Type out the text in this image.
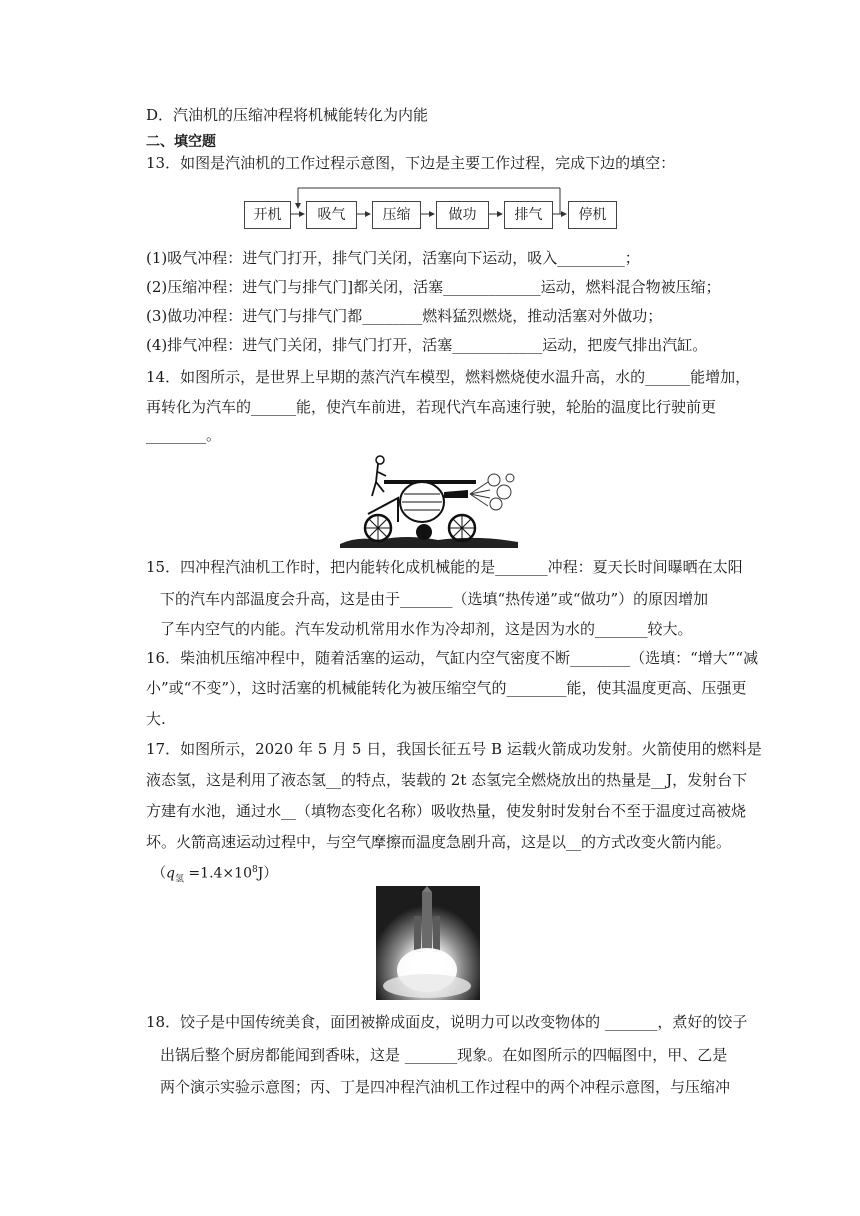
D．汽油机的压缩冲程将机械能转化为内能
二、填空题
13．如图是汽油机的工作过程示意图，下边是主要工作过程，完成下边的填空：
开机	吸气	压缩	做功	排气	停机
(1)吸气冲程：进气门打开，排气门关闭，活塞向下运动，吸入_________；
(2)压缩冲程：进气门与排气门]都关闭，活塞_____________运动，燃料混合物被压缩；
(3)做功冲程：进气门与排气门都________燃料猛烈燃烧，推动活塞对外做功；
(4)排气冲程：进气门关闭，排气门打开，活塞____________运动，把废气排出汽缸。
14．如图所示，是世界上早期的蒸汽汽车模型，燃料燃烧使水温升高，水的______能增加，
再转化为汽车的______能，使汽车前进，若现代汽车高速行驶，轮胎的温度比行驶前更
________。
15．四冲程汽油机工作时，把内能转化成机械能的是_______冲程：夏天长时间曝晒在太阳
下的汽车内部温度会升高，这是由于_______（选填“热传递”或“做功”）的原因增加
了车内空气的内能。汽车发动机常用水作为冷却剂，这是因为水的_______较大。
16．柴油机压缩冲程中，随着活塞的运动，气缸内空气密度不断________（选填：“增大”“减
小”或“不变”），这时活塞的机械能转化为被压缩空气的________能，使其温度更高、压强更
大.
17．如图所示，2020 年 5 月 5 日，我国长征五号 B 运载火箭成功发射。火箭使用的燃料是
液态氢，这是利用了液态氢__的特点，装载的 2t 态氢完全燃烧放出的热量是__J，发射台下
方建有水池，通过水__（填物态变化名称）吸收热量，使发射时发射台不至于温度过高被烧
坏。火箭高速运动过程中，与空气摩擦而温度急剧升高，这是以__的方式改变火箭内能。
$(q_氢 =1.4\times 10^8J)$
18．饺子是中国传统美食，面团被擀成面皮，说明力可以改变物体的 _______，煮好的饺子
出锅后整个厨房都能闻到香味，这是 _______现象。在如图所示的四幅图中，甲、乙是
两个演示实验示意图；丙、丁是四冲程汽油机工作过程中的两个冲程示意图，与压缩冲
